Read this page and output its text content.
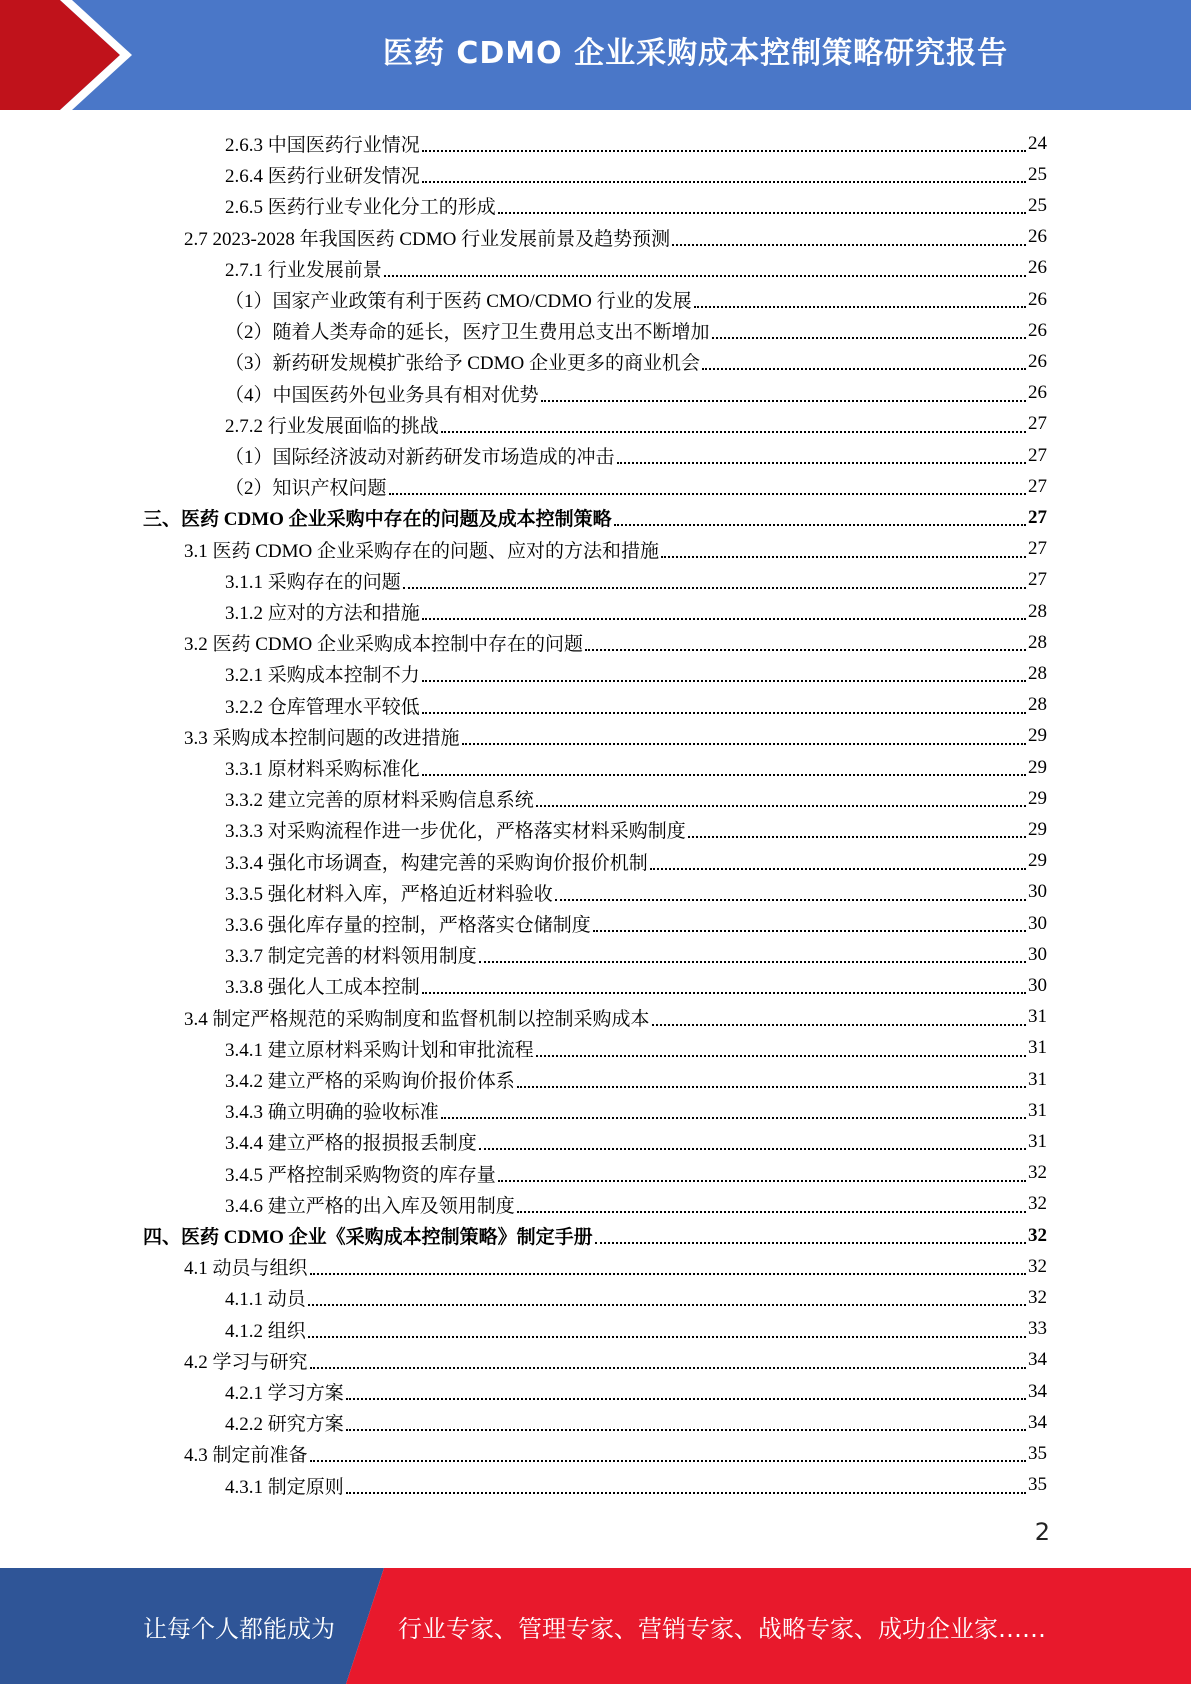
医药 CDMO 企业采购成本控制策略研究报告
2.6.3 中国医药行业情况	24
2.6.4 医药行业研发情况	25
2.6.5 医药行业专业化分工的形成	25
2.7 2023-2028 年我国医药 CDMO 行业发展前景及趋势预测	26
2.7.1 行业发展前景	26
（1）国家产业政策有利于医药 CMO/CDMO 行业的发展	26
（2）随着人类寿命的延长，医疗卫生费用总支出不断增加	26
（3）新药研发规模扩张给予 CDMO 企业更多的商业机会	26
（4）中国医药外包业务具有相对优势	26
2.7.2 行业发展面临的挑战	27
（1）国际经济波动对新药研发市场造成的冲击	27
（2）知识产权问题	27
三、医药 CDMO 企业采购中存在的问题及成本控制策略	27
3.1 医药 CDMO 企业采购存在的问题、应对的方法和措施	27
3.1.1 采购存在的问题	27
3.1.2 应对的方法和措施	28
3.2 医药 CDMO 企业采购成本控制中存在的问题	28
3.2.1 采购成本控制不力	28
3.2.2 仓库管理水平较低	28
3.3 采购成本控制问题的改进措施	29
3.3.1 原材料采购标准化	29
3.3.2 建立完善的原材料采购信息系统	29
3.3.3 对采购流程作进一步优化，严格落实材料采购制度	29
3.3.4 强化市场调查，构建完善的采购询价报价机制	29
3.3.5 强化材料入库，严格迫近材料验收	30
3.3.6 强化库存量的控制，严格落实仓储制度	30
3.3.7 制定完善的材料领用制度	30
3.3.8 强化人工成本控制	30
3.4 制定严格规范的采购制度和监督机制以控制采购成本	31
3.4.1 建立原材料采购计划和审批流程	31
3.4.2 建立严格的采购询价报价体系	31
3.4.3 确立明确的验收标准	31
3.4.4 建立严格的报损报丢制度	31
3.4.5 严格控制采购物资的库存量	32
3.4.6 建立严格的出入库及领用制度	32
四、医药 CDMO 企业《采购成本控制策略》制定手册	32
4.1 动员与组织	32
4.1.1 动员	32
4.1.2 组织	33
4.2 学习与研究	34
4.2.1 学习方案	34
4.2.2 研究方案	34
4.3 制定前准备	35
4.3.1 制定原则	35
2
让每个人都能成为	行业专家、管理专家、营销专家、战略专家、成功企业家……
